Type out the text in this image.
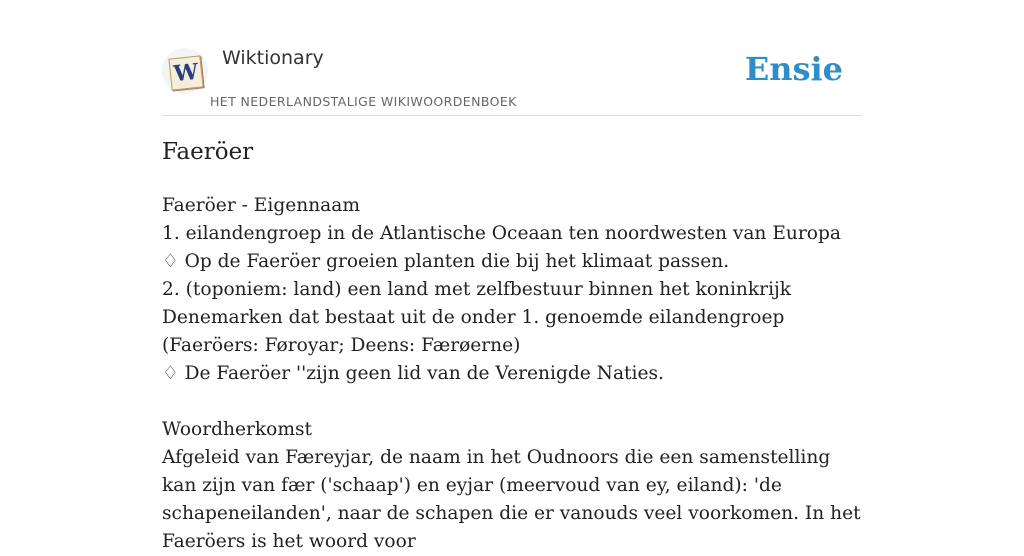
W
Wiktionary
HET NEDERLANDSTALIGE WIKIWOORDENBOEK
Ensie
Faeröer

Faeröer - Eigennaam

1. eilandengroep in de Atlantische Oceaan ten noordwesten van Europa

♢ Op de Faeröer groeien planten die bij het klimaat passen.

2. (toponiem: land) een land met zelfbestuur binnen het koninkrijk Denemarken dat bestaat uit de onder 1. genoemde eilandengroep (Faeröers: Føroyar; Deens: Færøerne)

♢ De Faeröer ''zijn geen lid van de Verenigde Naties.

Woordherkomst

Afgeleid van Færeyjar, de naam in het Oudnoors die een samenstelling kan zijn van fær ('schaap') en eyjar (meervoud van ey, eiland): 'de schapeneilanden', naar de schapen die er vanouds veel voorkomen. In het Faeröers is het woord voor
